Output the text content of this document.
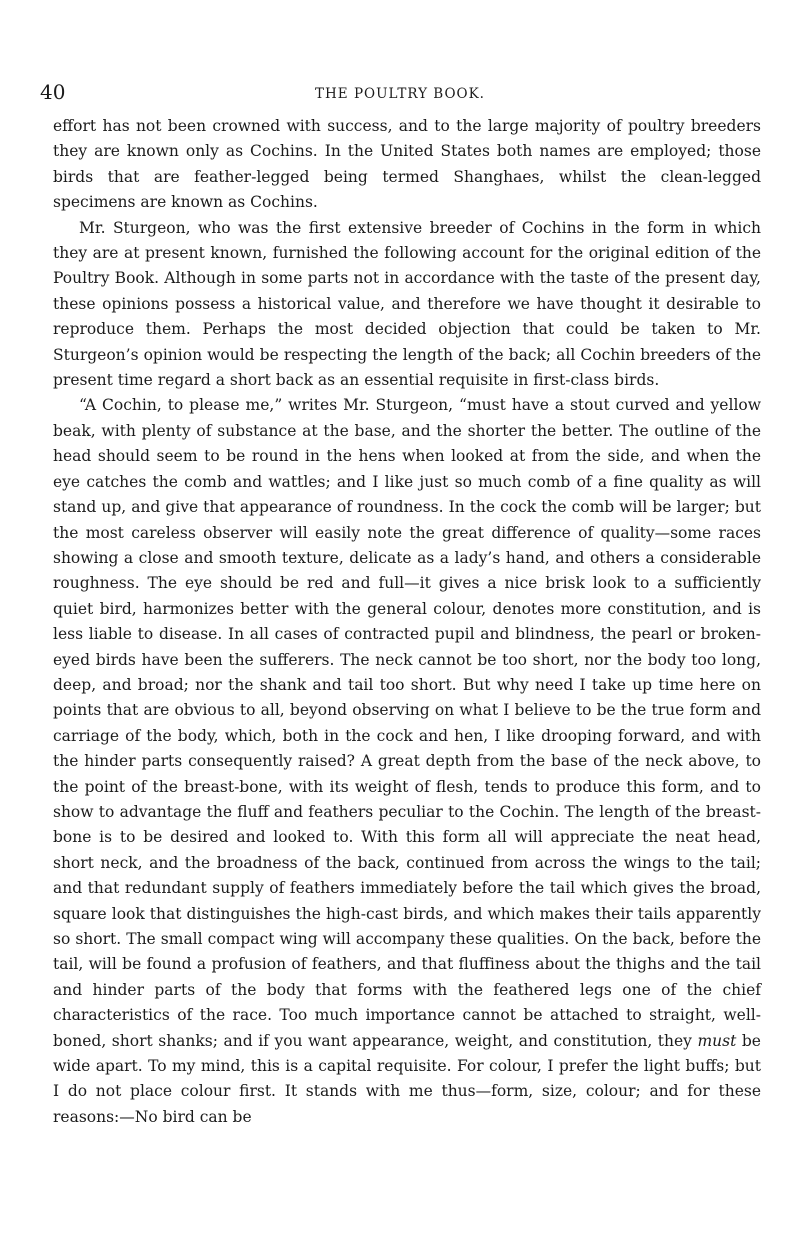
40	THE POULTRY BOOK.

effort has not been crowned with success, and to the large majority of poultry breeders they are known only as Cochins. In the United States both names are employed; those birds that are feather-legged being termed Shanghaes, whilst the clean-legged specimens are known as Cochins.

Mr. Sturgeon, who was the first extensive breeder of Cochins in the form in which they are at present known, furnished the following account for the original edition of the Poultry Book. Although in some parts not in accordance with the taste of the present day, these opinions possess a historical value, and therefore we have thought it desirable to reproduce them. Perhaps the most decided objection that could be taken to Mr. Sturgeon’s opinion would be respecting the length of the back; all Cochin breeders of the present time regard a short back as an essential requisite in first-class birds.

“A Cochin, to please me,” writes Mr. Sturgeon, “must have a stout curved and yellow beak, with plenty of substance at the base, and the shorter the better. The outline of the head should seem to be round in the hens when looked at from the side, and when the eye catches the comb and wattles; and I like just so much comb of a fine quality as will stand up, and give that appearance of roundness. In the cock the comb will be larger; but the most careless observer will easily note the great difference of quality—some races showing a close and smooth texture, delicate as a lady’s hand, and others a considerable roughness. The eye should be red and full—it gives a nice brisk look to a sufficiently quiet bird, harmonizes better with the general colour, denotes more constitution, and is less liable to disease. In all cases of contracted pupil and blindness, the pearl or broken-eyed birds have been the sufferers. The neck cannot be too short, nor the body too long, deep, and broad; nor the shank and tail too short. But why need I take up time here on points that are obvious to all, beyond observing on what I believe to be the true form and carriage of the body, which, both in the cock and hen, I like drooping forward, and with the hinder parts consequently raised? A great depth from the base of the neck above, to the point of the breast-bone, with its weight of flesh, tends to produce this form, and to show to advantage the fluff and feathers peculiar to the Cochin. The length of the breast-bone is to be desired and looked to. With this form all will appreciate the neat head, short neck, and the broadness of the back, continued from across the wings to the tail; and that redundant supply of feathers immediately before the tail which gives the broad, square look that distinguishes the high-cast birds, and which makes their tails apparently so short. The small compact wing will accompany these qualities. On the back, before the tail, will be found a profusion of feathers, and that fluffiness about the thighs and the tail and hinder parts of the body that forms with the feathered legs one of the chief characteristics of the race. Too much importance cannot be attached to straight, well-boned, short shanks; and if you want appearance, weight, and constitution, they must be wide apart. To my mind, this is a capital requisite. For colour, I prefer the light buffs; but I do not place colour first. It stands with me thus—form, size, colour; and for these reasons:—No bird can be
